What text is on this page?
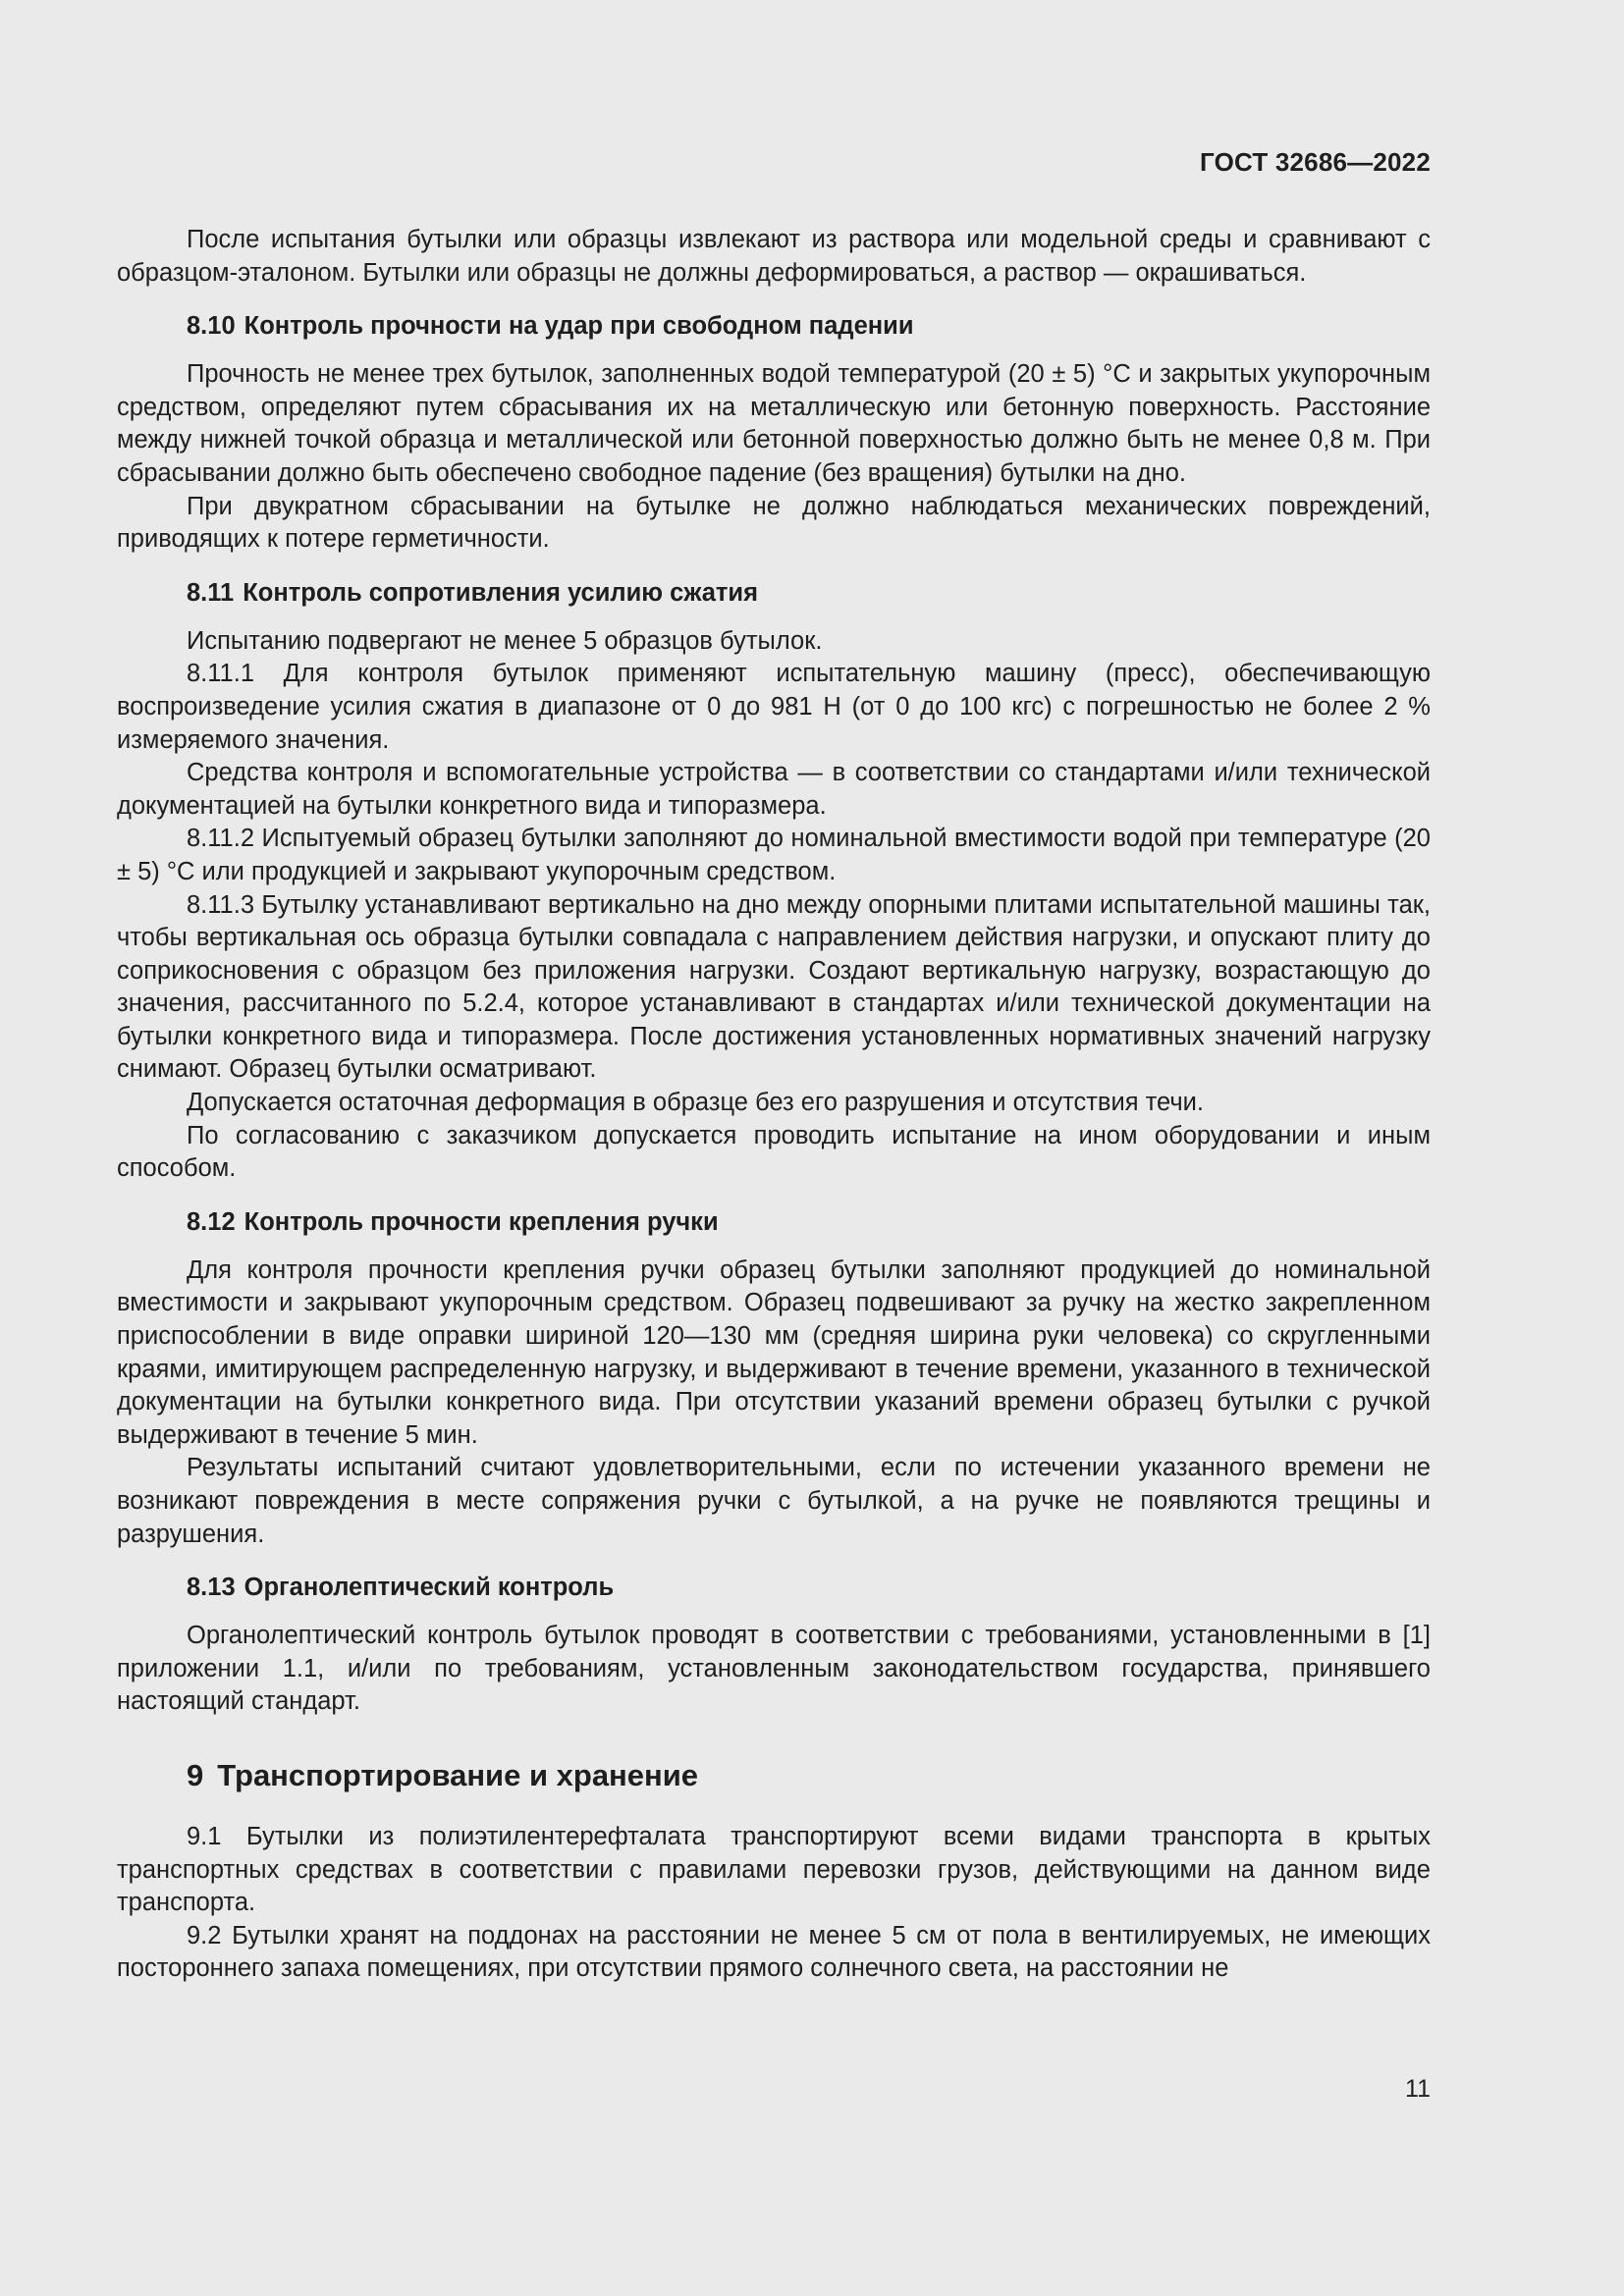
ГОСТ 32686—2022

После испытания бутылки или образцы извлекают из раствора или модельной среды и сравнивают с образцом-эталоном. Бутылки или образцы не должны деформироваться, а раствор — окрашиваться.

8.10 Контроль прочности на удар при свободном падении

Прочность не менее трех бутылок, заполненных водой температурой (20 ± 5) °C и закрытых укупорочным средством, определяют путем сбрасывания их на металлическую или бетонную поверхность. Расстояние между нижней точкой образца и металлической или бетонной поверхностью должно быть не менее 0,8 м. При сбрасывании должно быть обеспечено свободное падение (без вращения) бутылки на дно.

При двукратном сбрасывании на бутылке не должно наблюдаться механических повреждений, приводящих к потере герметичности.

8.11 Контроль сопротивления усилию сжатия

Испытанию подвергают не менее 5 образцов бутылок.

8.11.1 Для контроля бутылок применяют испытательную машину (пресс), обеспечивающую воспроизведение усилия сжатия в диапазоне от 0 до 981 Н (от 0 до 100 кгс) с погрешностью не более 2 % измеряемого значения.

Средства контроля и вспомогательные устройства — в соответствии со стандартами и/или технической документацией на бутылки конкретного вида и типоразмера.

8.11.2 Испытуемый образец бутылки заполняют до номинальной вместимости водой при температуре (20 ± 5) °C или продукцией и закрывают укупорочным средством.

8.11.3 Бутылку устанавливают вертикально на дно между опорными плитами испытательной машины так, чтобы вертикальная ось образца бутылки совпадала с направлением действия нагрузки, и опускают плиту до соприкосновения с образцом без приложения нагрузки. Создают вертикальную нагрузку, возрастающую до значения, рассчитанного по 5.2.4, которое устанавливают в стандартах и/или технической документации на бутылки конкретного вида и типоразмера. После достижения установленных нормативных значений нагрузку снимают. Образец бутылки осматривают.

Допускается остаточная деформация в образце без его разрушения и отсутствия течи.

По согласованию с заказчиком допускается проводить испытание на ином оборудовании и иным способом.

8.12 Контроль прочности крепления ручки

Для контроля прочности крепления ручки образец бутылки заполняют продукцией до номинальной вместимости и закрывают укупорочным средством. Образец подвешивают за ручку на жестко закрепленном приспособлении в виде оправки шириной 120—130 мм (средняя ширина руки человека) со скругленными краями, имитирующем распределенную нагрузку, и выдерживают в течение времени, указанного в технической документации на бутылки конкретного вида. При отсутствии указаний времени образец бутылки с ручкой выдерживают в течение 5 мин.

Результаты испытаний считают удовлетворительными, если по истечении указанного времени не возникают повреждения в месте сопряжения ручки с бутылкой, а на ручке не появляются трещины и разрушения.

8.13 Органолептический контроль

Органолептический контроль бутылок проводят в соответствии с требованиями, установленными в [1] приложении 1.1, и/или по требованиям, установленным законодательством государства, принявшего настоящий стандарт.

9 Транспортирование и хранение

9.1 Бутылки из полиэтилентерефталата транспортируют всеми видами транспорта в крытых транспортных средствах в соответствии с правилами перевозки грузов, действующими на данном виде транспорта.

9.2 Бутылки хранят на поддонах на расстоянии не менее 5 см от пола в вентилируемых, не имеющих постороннего запаха помещениях, при отсутствии прямого солнечного света, на расстоянии не

11
